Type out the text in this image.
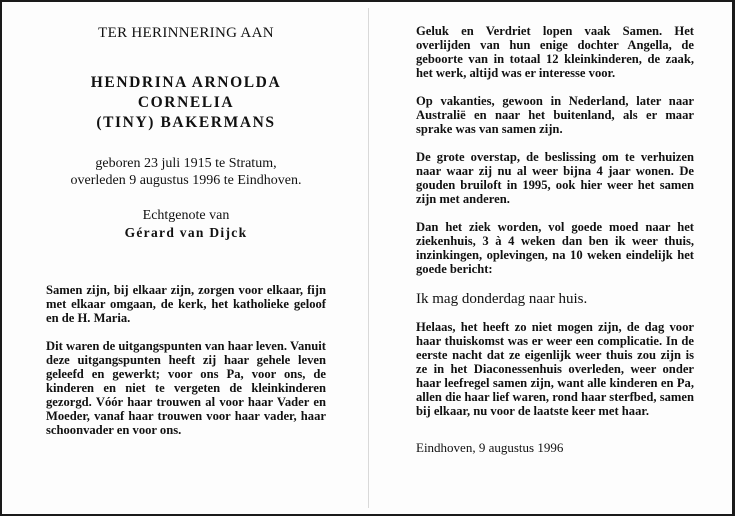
TER HERINNERING AAN

HENDRINA ARNOLDA

CORNELIA

(TINY) BAKERMANS

geboren 23 juli 1915 te Stratum,

overleden 9 augustus 1996 te Eindhoven.

Echtgenote van

Gérard van Dijck

Samen zijn, bij elkaar zijn, zorgen voor elkaar, fijn met elkaar omgaan, de kerk, het katholieke geloof en de H. Maria.

Dit waren de uitgangspunten van haar leven. Vanuit deze uitgangspunten heeft zij haar gehele leven geleefd en gewerkt; voor ons Pa, voor ons, de kinderen en niet te vergeten de kleinkinderen gezorgd. Vóór haar trouwen al voor haar Vader en Moeder, vanaf haar trouwen voor haar vader, haar schoonvader en voor ons.

Geluk en Verdriet lopen vaak Samen. Het overlijden van hun enige dochter Angella, de geboorte van in totaal 12 kleinkinderen, de zaak, het werk, altijd was er interesse voor.

Op vakanties, gewoon in Nederland, later naar Australië en naar het buitenland, als er maar sprake was van samen zijn.

De grote overstap, de beslissing om te verhuizen naar waar zij nu al weer bijna 4 jaar wonen. De gouden bruiloft in 1995, ook hier weer het samen zijn met anderen.

Dan het ziek worden, vol goede moed naar het ziekenhuis, 3 à 4 weken dan ben ik weer thuis, inzinkingen, oplevingen, na 10 weken eindelijk het goede bericht:

Ik mag donderdag naar huis.

Helaas, het heeft zo niet mogen zijn, de dag voor haar thuiskomst was er weer een complicatie. In de eerste nacht dat ze eigenlijk weer thuis zou zijn is ze in het Diaconessenhuis overleden, weer onder haar leefregel samen zijn, want alle kinderen en Pa, allen die haar lief waren, rond haar sterfbed, samen bij elkaar, nu voor de laatste keer met haar.

Eindhoven, 9 augustus 1996
